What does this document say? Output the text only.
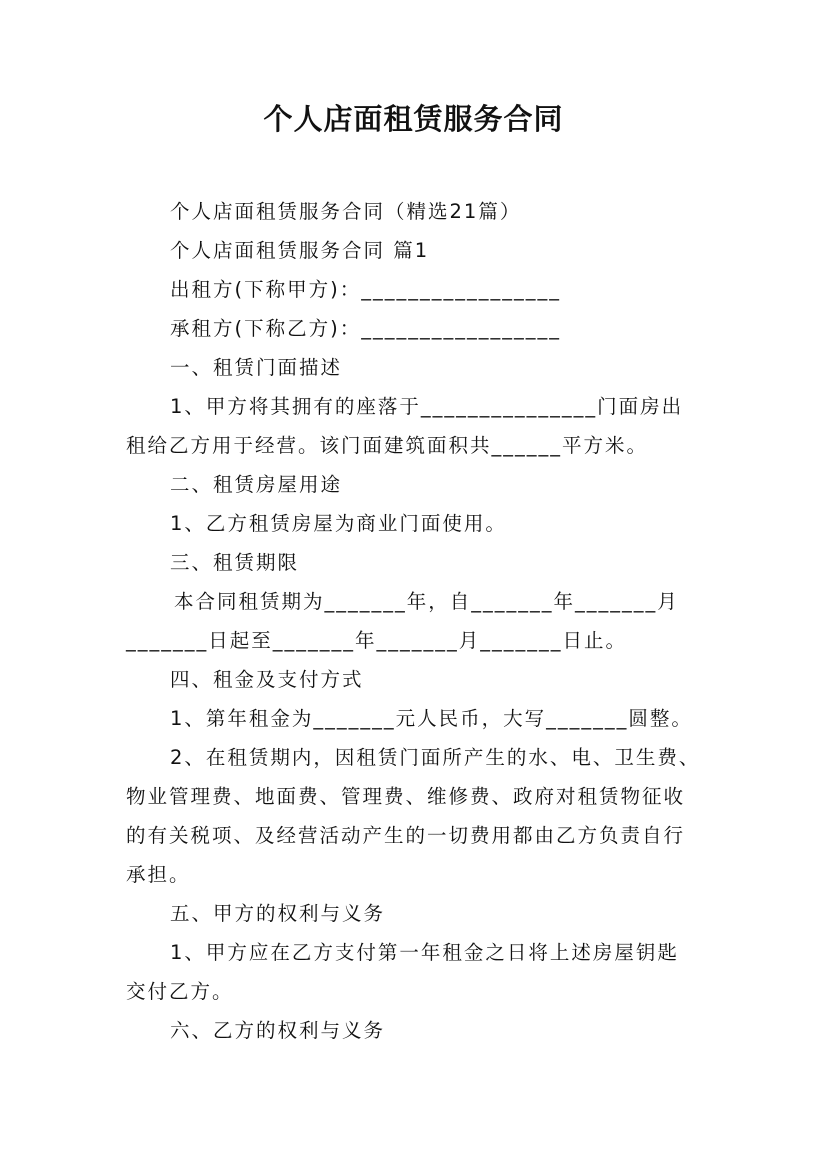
个人店面租赁服务合同
个人店面租赁服务合同（精选21篇）
个人店面租赁服务合同 篇1
出租方(下称甲方)：_________________
承租方(下称乙方)：_________________
一、租赁门面描述
1、甲方将其拥有的座落于_______________门面房出
租给乙方用于经营。该门面建筑面积共______平方米。
二、租赁房屋用途
1、乙方租赁房屋为商业门面使用。
三、租赁期限
本合同租赁期为_______年，自_______年_______月
_______日起至_______年_______月_______日止。
四、租金及支付方式
1、第年租金为_______元人民币，大写_______圆整。
2、在租赁期内，因租赁门面所产生的水、电、卫生费、
物业管理费、地面费、管理费、维修费、政府对租赁物征收
的有关税项、及经营活动产生的一切费用都由乙方负责自行
承担。
五、甲方的权利与义务
1、甲方应在乙方支付第一年租金之日将上述房屋钥匙
交付乙方。
六、乙方的权利与义务
